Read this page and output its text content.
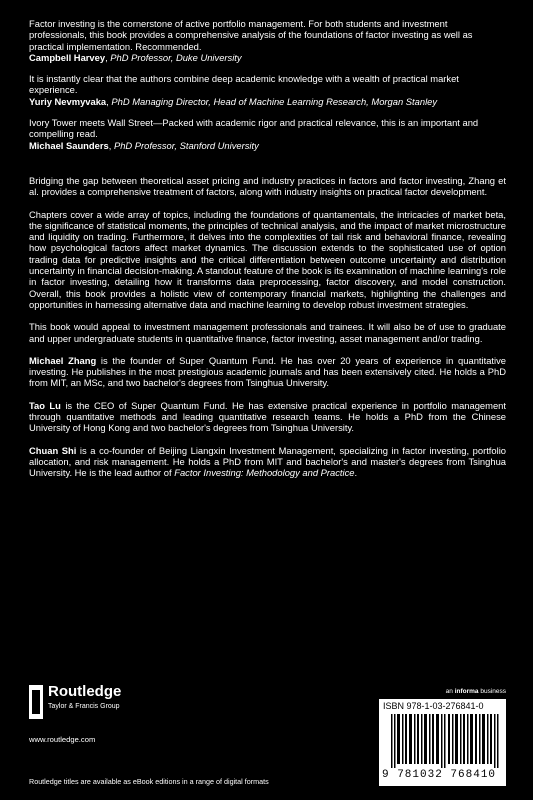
Factor investing is the cornerstone of active portfolio management. For both students and investment professionals, this book provides a comprehensive analysis of the foundations of factor investing as well as practical implementation. Recommended.
Campbell Harvey, PhD Professor, Duke University
It is instantly clear that the authors combine deep academic knowledge with a wealth of practical market experience.
Yuriy Nevmyvaka, PhD Managing Director, Head of Machine Learning Research, Morgan Stanley
Ivory Tower meets Wall Street—Packed with academic rigor and practical relevance, this is an important and compelling read.
Michael Saunders, PhD Professor, Stanford University

Bridging the gap between theoretical asset pricing and industry practices in factors and factor investing, Zhang et al. provides a comprehensive treatment of factors, along with industry insights on practical factor development.

Chapters cover a wide array of topics, including the foundations of quantamentals, the intricacies of market beta, the significance of statistical moments, the principles of technical analysis, and the impact of market microstructure and liquidity on trading. Furthermore, it delves into the complexities of tail risk and behavioral finance, revealing how psychological factors affect market dynamics. The discussion extends to the sophisticated use of option trading data for predictive insights and the critical differentiation between outcome uncertainty and distribution uncertainty in financial decision-making. A standout feature of the book is its examination of machine learning's role in factor investing, detailing how it transforms data preprocessing, factor discovery, and model construction. Overall, this book provides a holistic view of contemporary financial markets, highlighting the challenges and opportunities in harnessing alternative data and machine learning to develop robust investment strategies.

This book would appeal to investment management professionals and trainees. It will also be of use to graduate and upper undergraduate students in quantitative finance, factor investing, asset management and/or trading.

Michael Zhang is the founder of Super Quantum Fund. He has over 20 years of experience in quantitative investing. He publishes in the most prestigious academic journals and has been extensively cited. He holds a PhD from MIT, an MSc, and two bachelor's degrees from Tsinghua University.

Tao Lu is the CEO of Super Quantum Fund. He has extensive practical experience in portfolio management through quantitative methods and leading quantitative research teams. He holds a PhD from the Chinese University of Hong Kong and two bachelor's degrees from Tsinghua University.

Chuan Shi is a co-founder of Beijing Liangxin Investment Management, specializing in factor investing, portfolio allocation, and risk management. He holds a PhD from MIT and bachelor's and master's degrees from Tsinghua University. He is the lead author of Factor Investing: Methodology and Practice.

Routledge
Taylor & Francis Group
www.routledge.com
Routledge titles are available as eBook editions in a range of digital formats
an informa business
ISBN 978-1-03-276841-0
9 781032 768410
